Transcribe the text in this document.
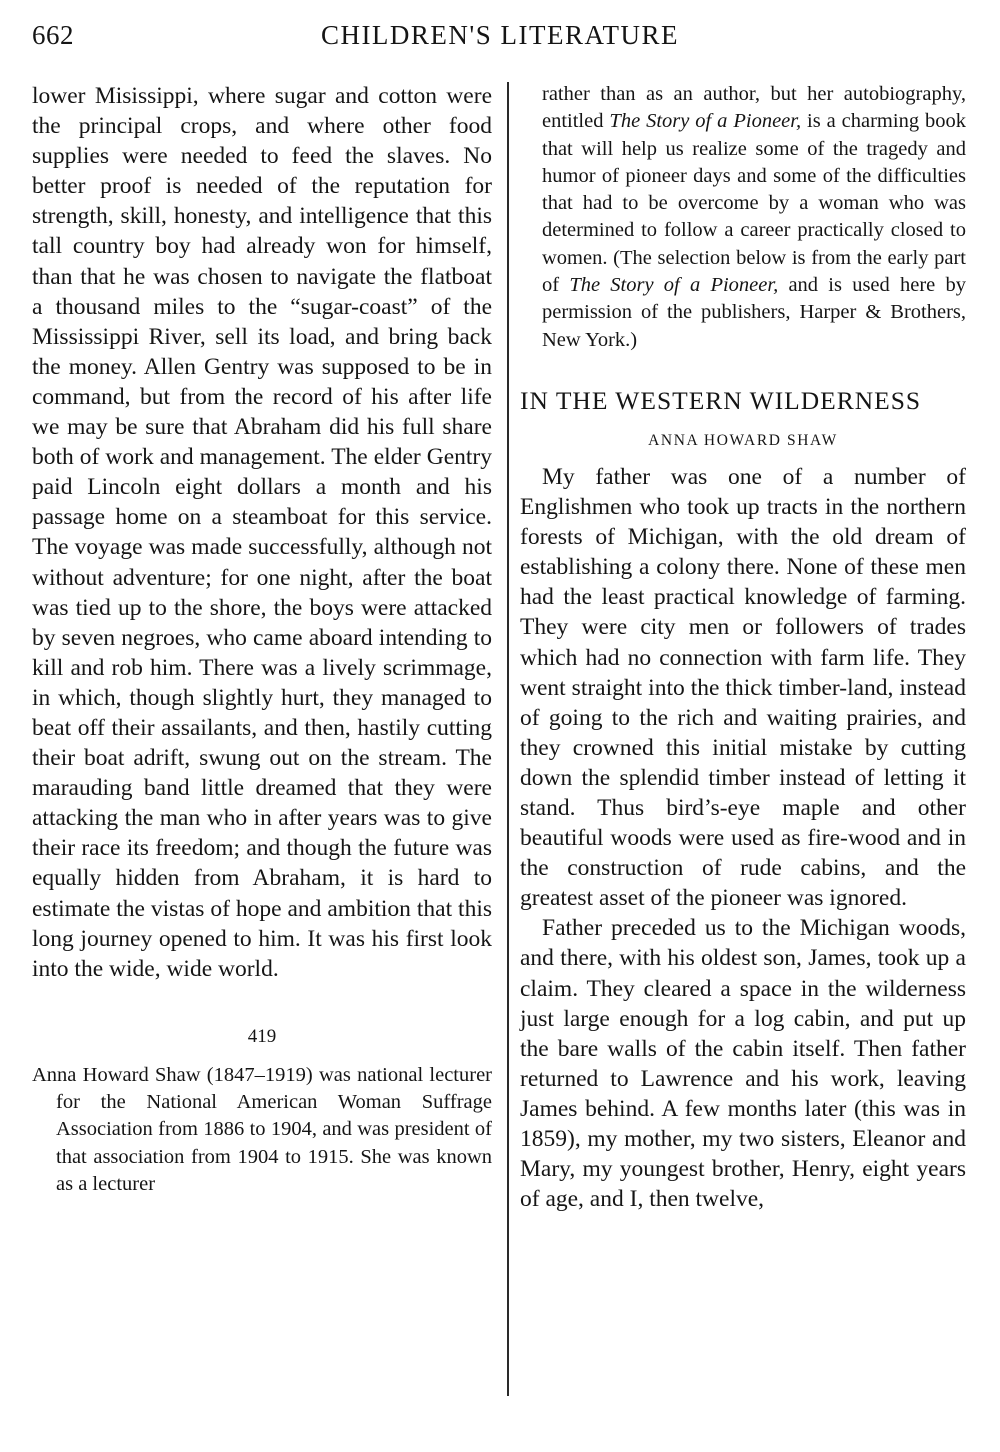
662	CHILDREN'S LITERATURE

lower Misissippi, where sugar and cotton were the principal crops, and where other food supplies were needed to feed the slaves. No better proof is needed of the reputation for strength, skill, honesty, and intelligence that this tall country boy had already won for himself, than that he was chosen to navigate the flatboat a thousand miles to the “sugar-coast” of the Mississippi River, sell its load, and bring back the money. Allen Gentry was supposed to be in command, but from the record of his after life we may be sure that Abraham did his full share both of work and management. The elder Gentry paid Lincoln eight dollars a month and his passage home on a steamboat for this service. The voyage was made successfully, although not without adventure; for one night, after the boat was tied up to the shore, the boys were attacked by seven negroes, who came aboard intending to kill and rob him. There was a lively scrimmage, in which, though slightly hurt, they managed to beat off their assailants, and then, hastily cutting their boat adrift, swung out on the stream. The marauding band little dreamed that they were attacking the man who in after years was to give their race its freedom; and though the future was equally hidden from Abraham, it is hard to estimate the vistas of hope and ambition that this long journey opened to him. It was his first look into the wide, wide world.

419

Anna Howard Shaw (1847–1919) was national lecturer for the National American Woman Suffrage Association from 1886 to 1904, and was president of that association from 1904 to 1915. She was known as a lecturer

rather than as an author, but her autobiography, entitled The Story of a Pioneer, is a charming book that will help us realize some of the tragedy and humor of pioneer days and some of the difficulties that had to be overcome by a woman who was determined to follow a career practically closed to women. (The selection below is from the early part of The Story of a Pioneer, and is used here by permission of the publishers, Harper & Brothers, New York.)

IN THE WESTERN WILDERNESS
ANNA HOWARD SHAW

My father was one of a number of Englishmen who took up tracts in the northern forests of Michigan, with the old dream of establishing a colony there. None of these men had the least practical knowledge of farming. They were city men or followers of trades which had no connection with farm life. They went straight into the thick timber-land, instead of going to the rich and waiting prairies, and they crowned this initial mistake by cutting down the splendid timber instead of letting it stand. Thus bird’s-eye maple and other beautiful woods were used as fire-wood and in the construction of rude cabins, and the greatest asset of the pioneer was ignored.

Father preceded us to the Michigan woods, and there, with his oldest son, James, took up a claim. They cleared a space in the wilderness just large enough for a log cabin, and put up the bare walls of the cabin itself. Then father returned to Lawrence and his work, leaving James behind. A few months later (this was in 1859), my mother, my two sisters, Eleanor and Mary, my youngest brother, Henry, eight years of age, and I, then twelve,
